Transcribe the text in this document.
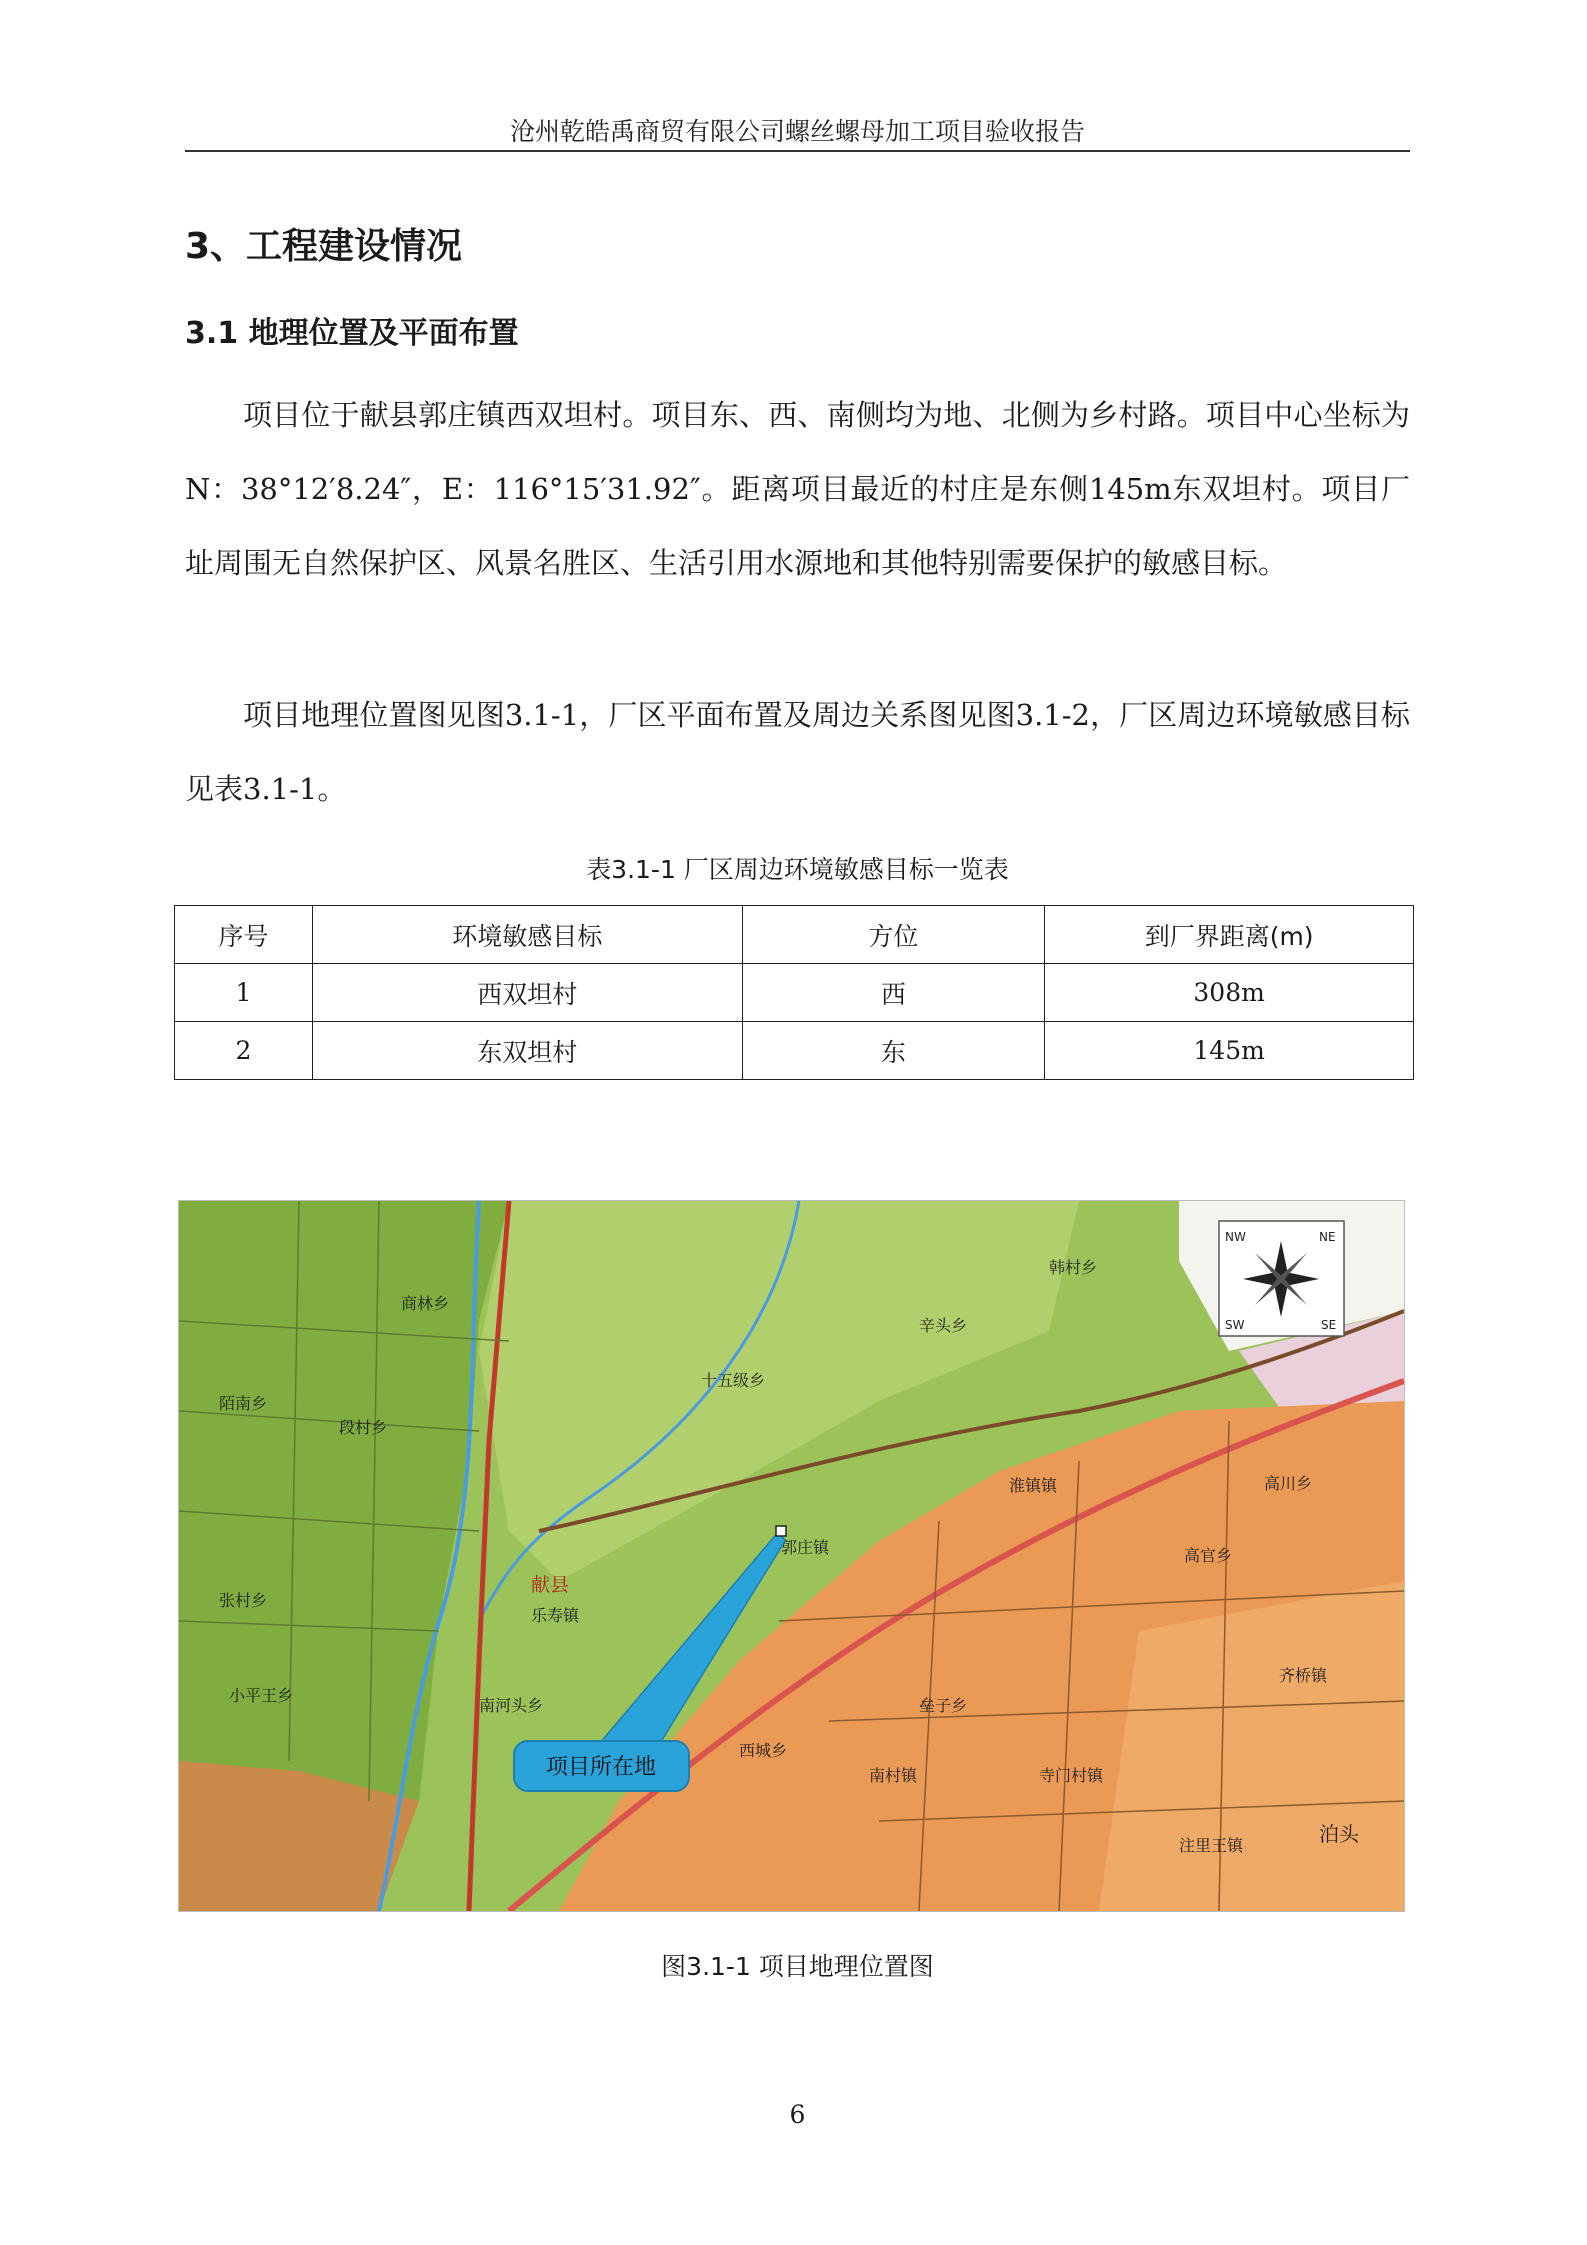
沧州乾皓禹商贸有限公司螺丝螺母加工项目验收报告
3、工程建设情况
3.1 地理位置及平面布置

项目位于献县郭庄镇西双坦村。项目东、西、南侧均为地、北侧为乡村路。项目中心坐标为N：38°12′8.24″，E：116°15′31.92″。距离项目最近的村庄是东侧145m东双坦村。项目厂址周围无自然保护区、风景名胜区、生活引用水源地和其他特别需要保护的敏感目标。

项目地理位置图见图3.1-1，厂区平面布置及周边关系图见图3.1-2，厂区周边环境敏感目标见表3.1-1。

表3.1-1 厂区周边环境敏感目标一览表
序号	环境敏感目标	方位	到厂界距离(m)
1	西双坦村	西	308m
2	东双坦村	东	145m
NW	NE
SW	SE
商林乡
十五级乡
辛头乡
韩村乡
陌南乡
段村乡
郭庄镇
献县
乐寿镇
淮镇镇	高川乡
高官乡
齐桥镇
张村乡
小平王乡
南河头乡
西城乡
寺门村镇
垒子乡
南村镇
注里王镇	泊头
项目所在地
图3.1-1 项目地理位置图
6
